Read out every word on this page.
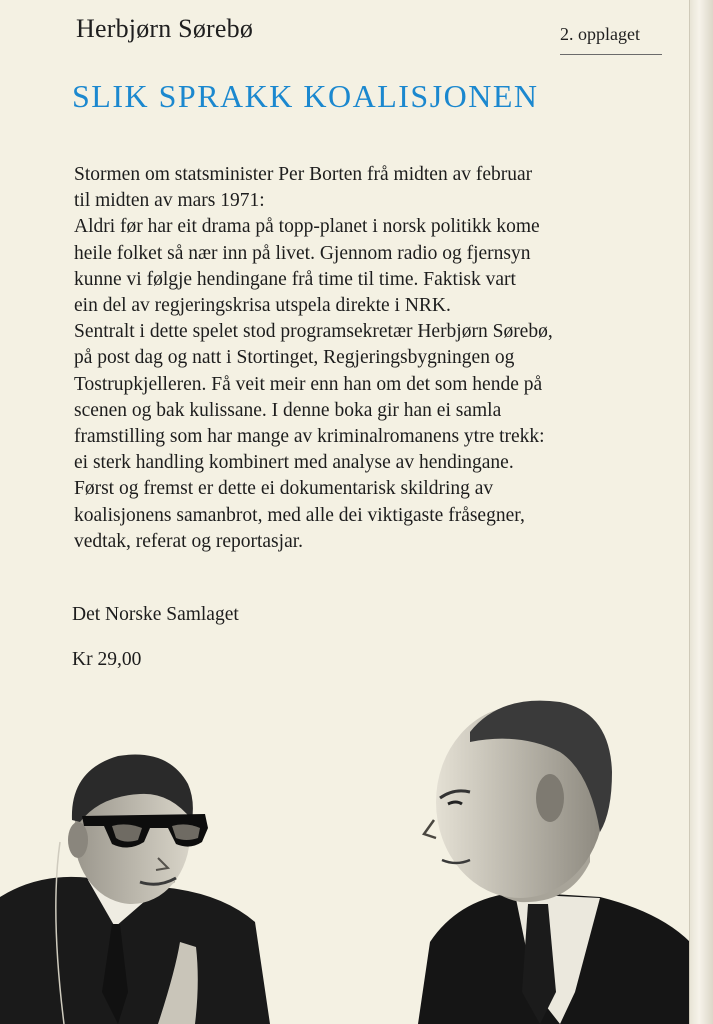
Herbjørn Sørebø	2. opplaget
SLIK SPRAKK KOALISJONEN

Stormen om statsminister Per Borten frå midten av februar

til midten av mars 1971:

Aldri før har eit drama på topp-planet i norsk politikk kome

heile folket så nær inn på livet. Gjennom radio og fjernsyn

kunne vi følgje hendingane frå time til time. Faktisk vart

ein del av regjeringskrisa utspela direkte i NRK.

Sentralt i dette spelet stod programsekretær Herbjørn Sørebø,

på post dag og natt i Stortinget, Regjeringsbygningen og

Tostrupkjelleren. Få veit meir enn han om det som hende på

scenen og bak kulissane. I denne boka gir han ei samla

framstilling som har mange av kriminalromanens ytre trekk:

ei sterk handling kombinert med analyse av hendingane.

Først og fremst er dette ei dokumentarisk skildring av

koalisjonens samanbrot, med alle dei viktigaste fråsegner,

vedtak, referat og reportasjar.

Det Norske Samlaget
Kr 29,00
